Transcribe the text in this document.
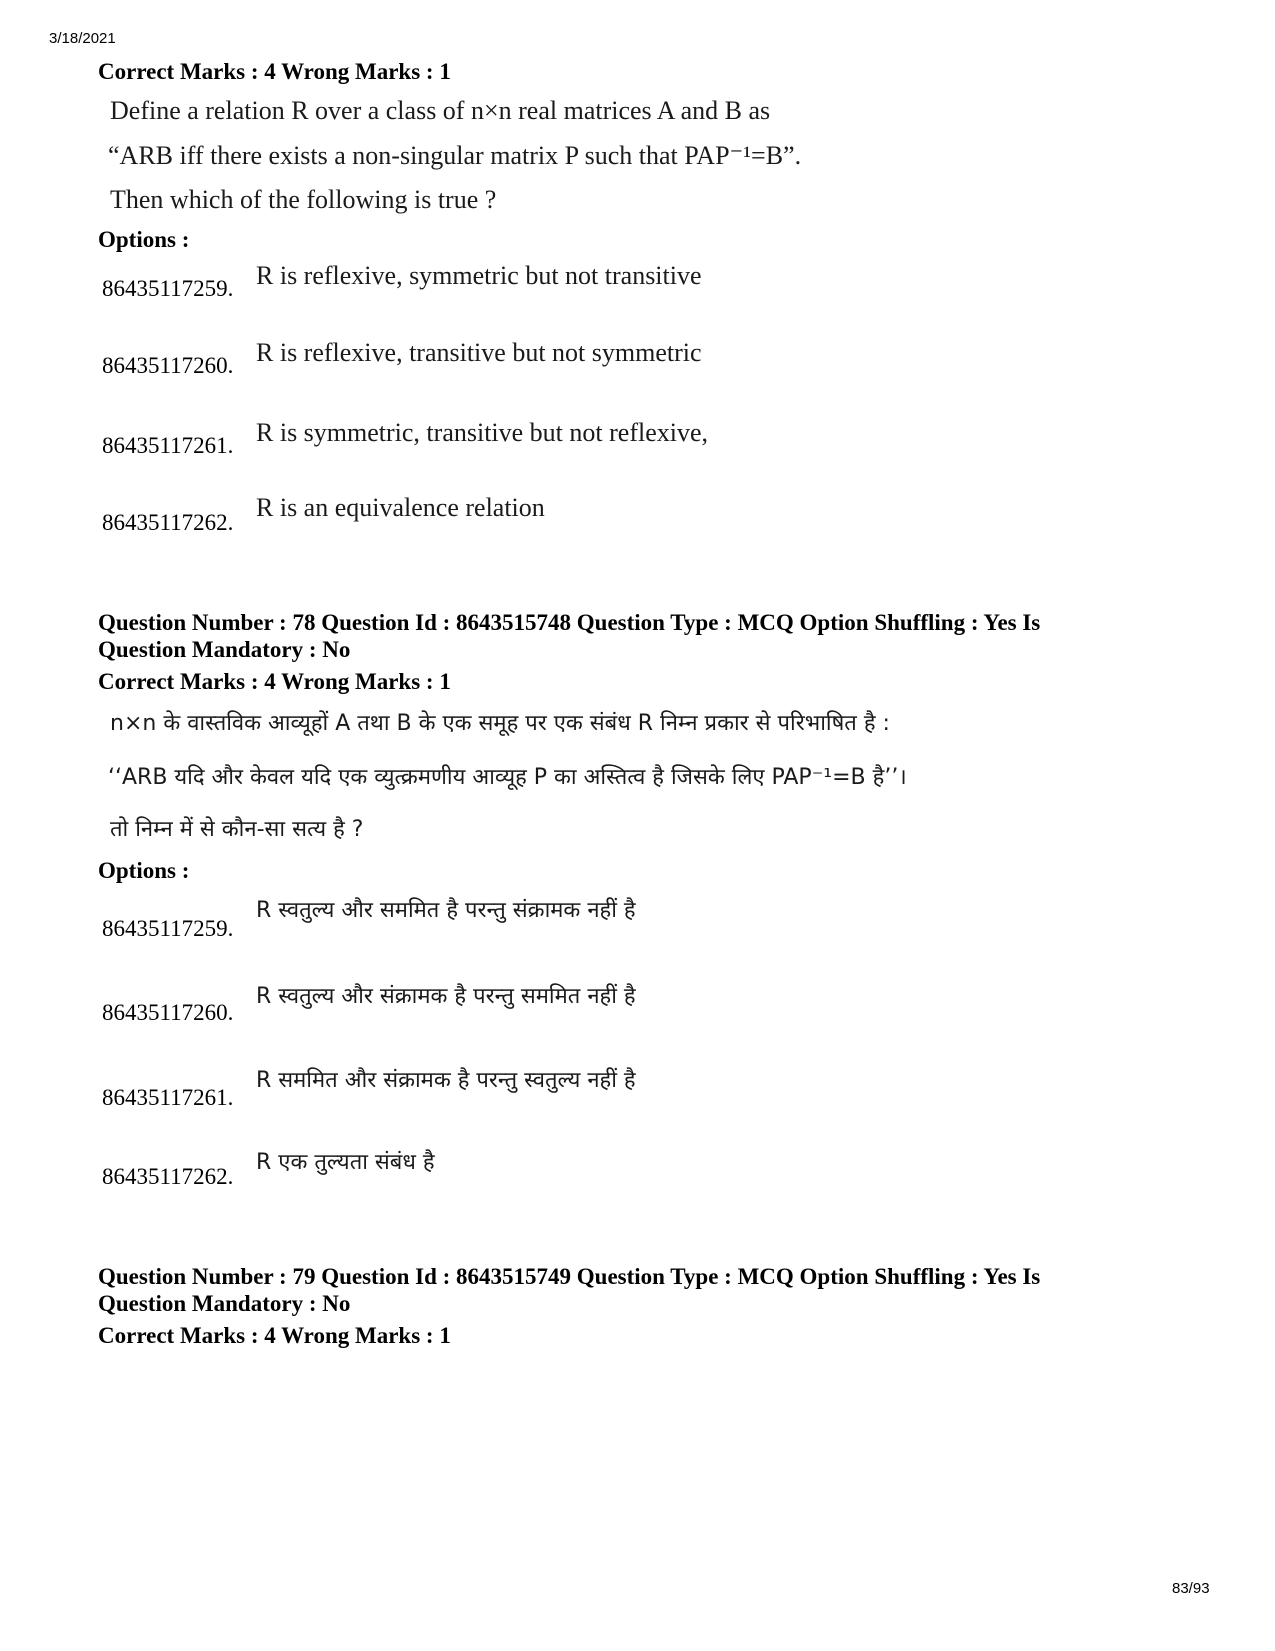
3/18/2021
Correct Marks : 4 Wrong Marks : 1
Define a relation R over a class of n×n real matrices A and B as
“ARB iff there exists a non-singular matrix P such that PAP⁻¹=B”.
Then which of the following is true ?
Options :
86435117259. R is reflexive, symmetric but not transitive
86435117260. R is reflexive, transitive but not symmetric
86435117261. R is symmetric, transitive but not reflexive,
86435117262.
R is an equivalence relation
Question Number : 78 Question Id : 8643515748 Question Type : MCQ Option Shuffling : Yes Is
Question Mandatory : No
Correct Marks : 4 Wrong Marks : 1
n×n के वास्तविक आव्यूहों A तथा B के एक समूह पर एक संबंध R निम्न प्रकार से परिभाषित है :
‘‘ARB यदि और केवल यदि एक व्युत्क्रमणीय आव्यूह P का अस्तित्व है जिसके लिए PAP⁻¹=B है’’।
तो निम्न में से कौन-सा सत्य है ?
Options :
86435117259.
R स्वतुल्य और सममित है परन्तु संक्रामक नहीं है
86435117260.
R स्वतुल्य और संक्रामक है परन्तु सममित नहीं है
86435117261.
R सममित और संक्रामक है परन्तु स्वतुल्य नहीं है
86435117262.
R एक तुल्यता संबंध है
Question Number : 79 Question Id : 8643515749 Question Type : MCQ Option Shuffling : Yes Is
Question Mandatory : No
Correct Marks : 4 Wrong Marks : 1
83/93
